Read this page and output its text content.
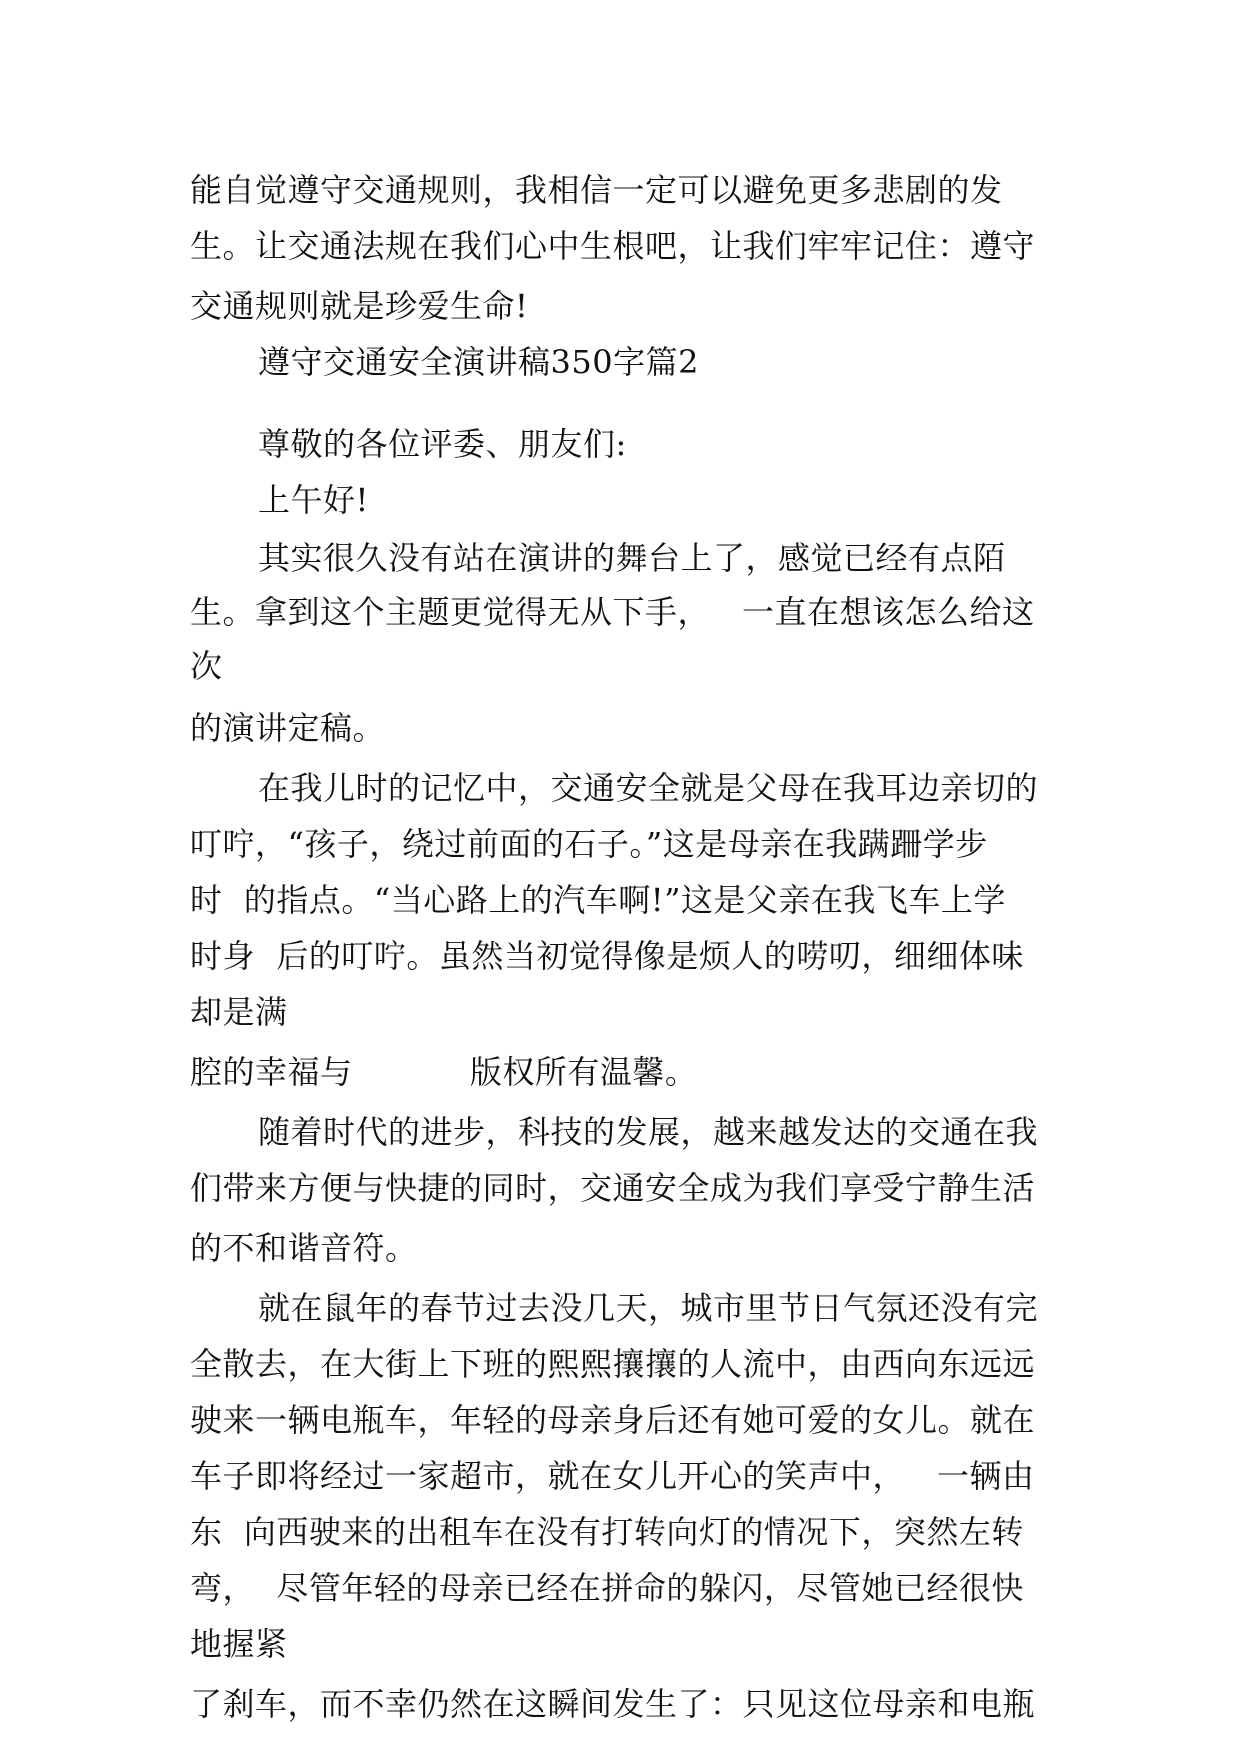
能自觉遵守交通规则，我相信一定可以避免更多悲剧的发
生。让交通法规在我们心中生根吧，让我们牢牢记住：遵守
交通规则就是珍爱生命!
遵守交通安全演讲稿350字篇2
尊敬的各位评委、朋友们:
上午好!
其实很久没有站在演讲的舞台上了，感觉已经有点陌
生。拿到这个主题更觉得无从下手，   一直在想该怎么给这
次
的演讲定稿。
在我儿时的记忆中，交通安全就是父母在我耳边亲切的
叮咛，“孩子，绕过前面的石子。”这是母亲在我蹒跚学步
时  的指点。“当心路上的汽车啊!”这是父亲在我飞车上学
时身  后的叮咛。虽然当初觉得像是烦人的唠叨，细细体味
却是满
腔的幸福与           版权所有温馨。
随着时代的进步，科技的发展，越来越发达的交通在我
们带来方便与快捷的同时，交通安全成为我们享受宁静生活
的不和谐音符。
就在鼠年的春节过去没几天，城市里节日气氛还没有完
全散去，在大街上下班的熙熙攘攘的人流中，由西向东远远
驶来一辆电瓶车，年轻的母亲身后还有她可爱的女儿。就在
车子即将经过一家超市，就在女儿开心的笑声中，   一辆由
东  向西驶来的出租车在没有打转向灯的情况下，突然左转
弯，  尽管年轻的母亲已经在拼命的躲闪，尽管她已经很快
地握紧
了刹车，而不幸仍然在这瞬间发生了：只见这位母亲和电瓶
